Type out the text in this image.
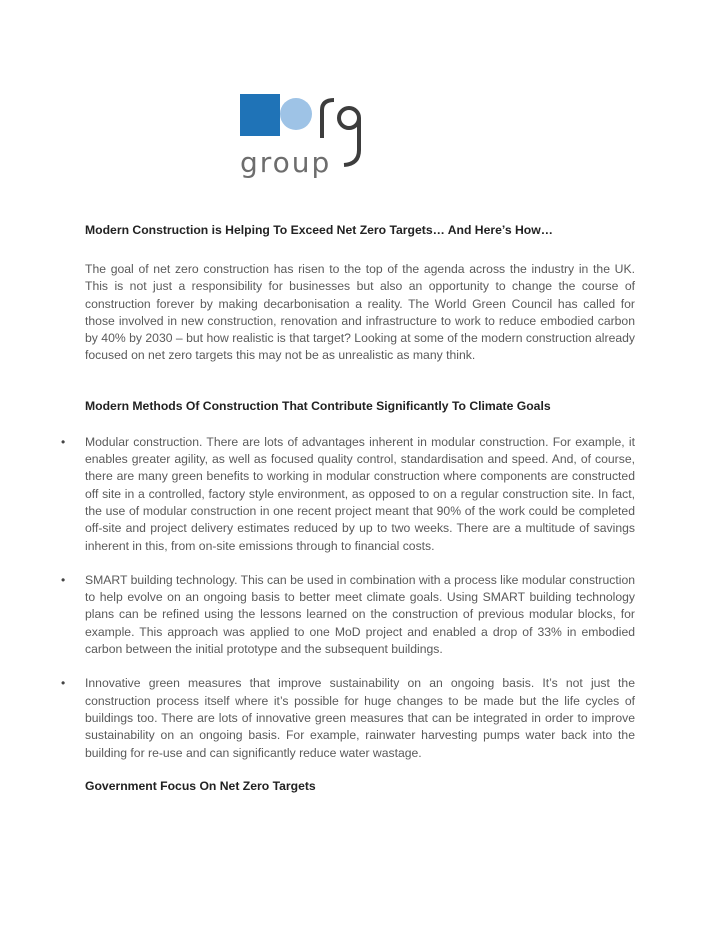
group

Modern Construction is Helping To Exceed Net Zero Targets… And Here’s How…

The goal of net zero construction has risen to the top of the agenda across the industry in the UK. This is not just a responsibility for businesses but also an opportunity to change the course of construction forever by making decarbonisation a reality. The World Green Council has called for those involved in new construction, renovation and infrastructure to work to reduce embodied carbon by 40% by 2030 – but how realistic is that target? Looking at some of the modern construction already focused on net zero targets this may not be as unrealistic as many think.

Modern Methods Of Construction That Contribute Significantly To Climate Goals

• Modular construction. There are lots of advantages inherent in modular construction. For example, it enables greater agility, as well as focused quality control, standardisation and speed. And, of course, there are many green benefits to working in modular construction where components are constructed off site in a controlled, factory style environment, as opposed to on a regular construction site. In fact, the use of modular construction in one recent project meant that 90% of the work could be completed off-site and project delivery estimates reduced by up to two weeks. There are a multitude of savings inherent in this, from on-site emissions through to financial costs.
• SMART building technology. This can be used in combination with a process like modular construction to help evolve on an ongoing basis to better meet climate goals. Using SMART building technology plans can be refined using the lessons learned on the construction of previous modular blocks, for example. This approach was applied to one MoD project and enabled a drop of 33% in embodied carbon between the initial prototype and the subsequent buildings.
• Innovative green measures that improve sustainability on an ongoing basis. It’s not just the construction process itself where it’s possible for huge changes to be made but the life cycles of buildings too. There are lots of innovative green measures that can be integrated in order to improve sustainability on an ongoing basis. For example, rainwater harvesting pumps water back into the building for re-use and can significantly reduce water wastage.

Government Focus On Net Zero Targets
